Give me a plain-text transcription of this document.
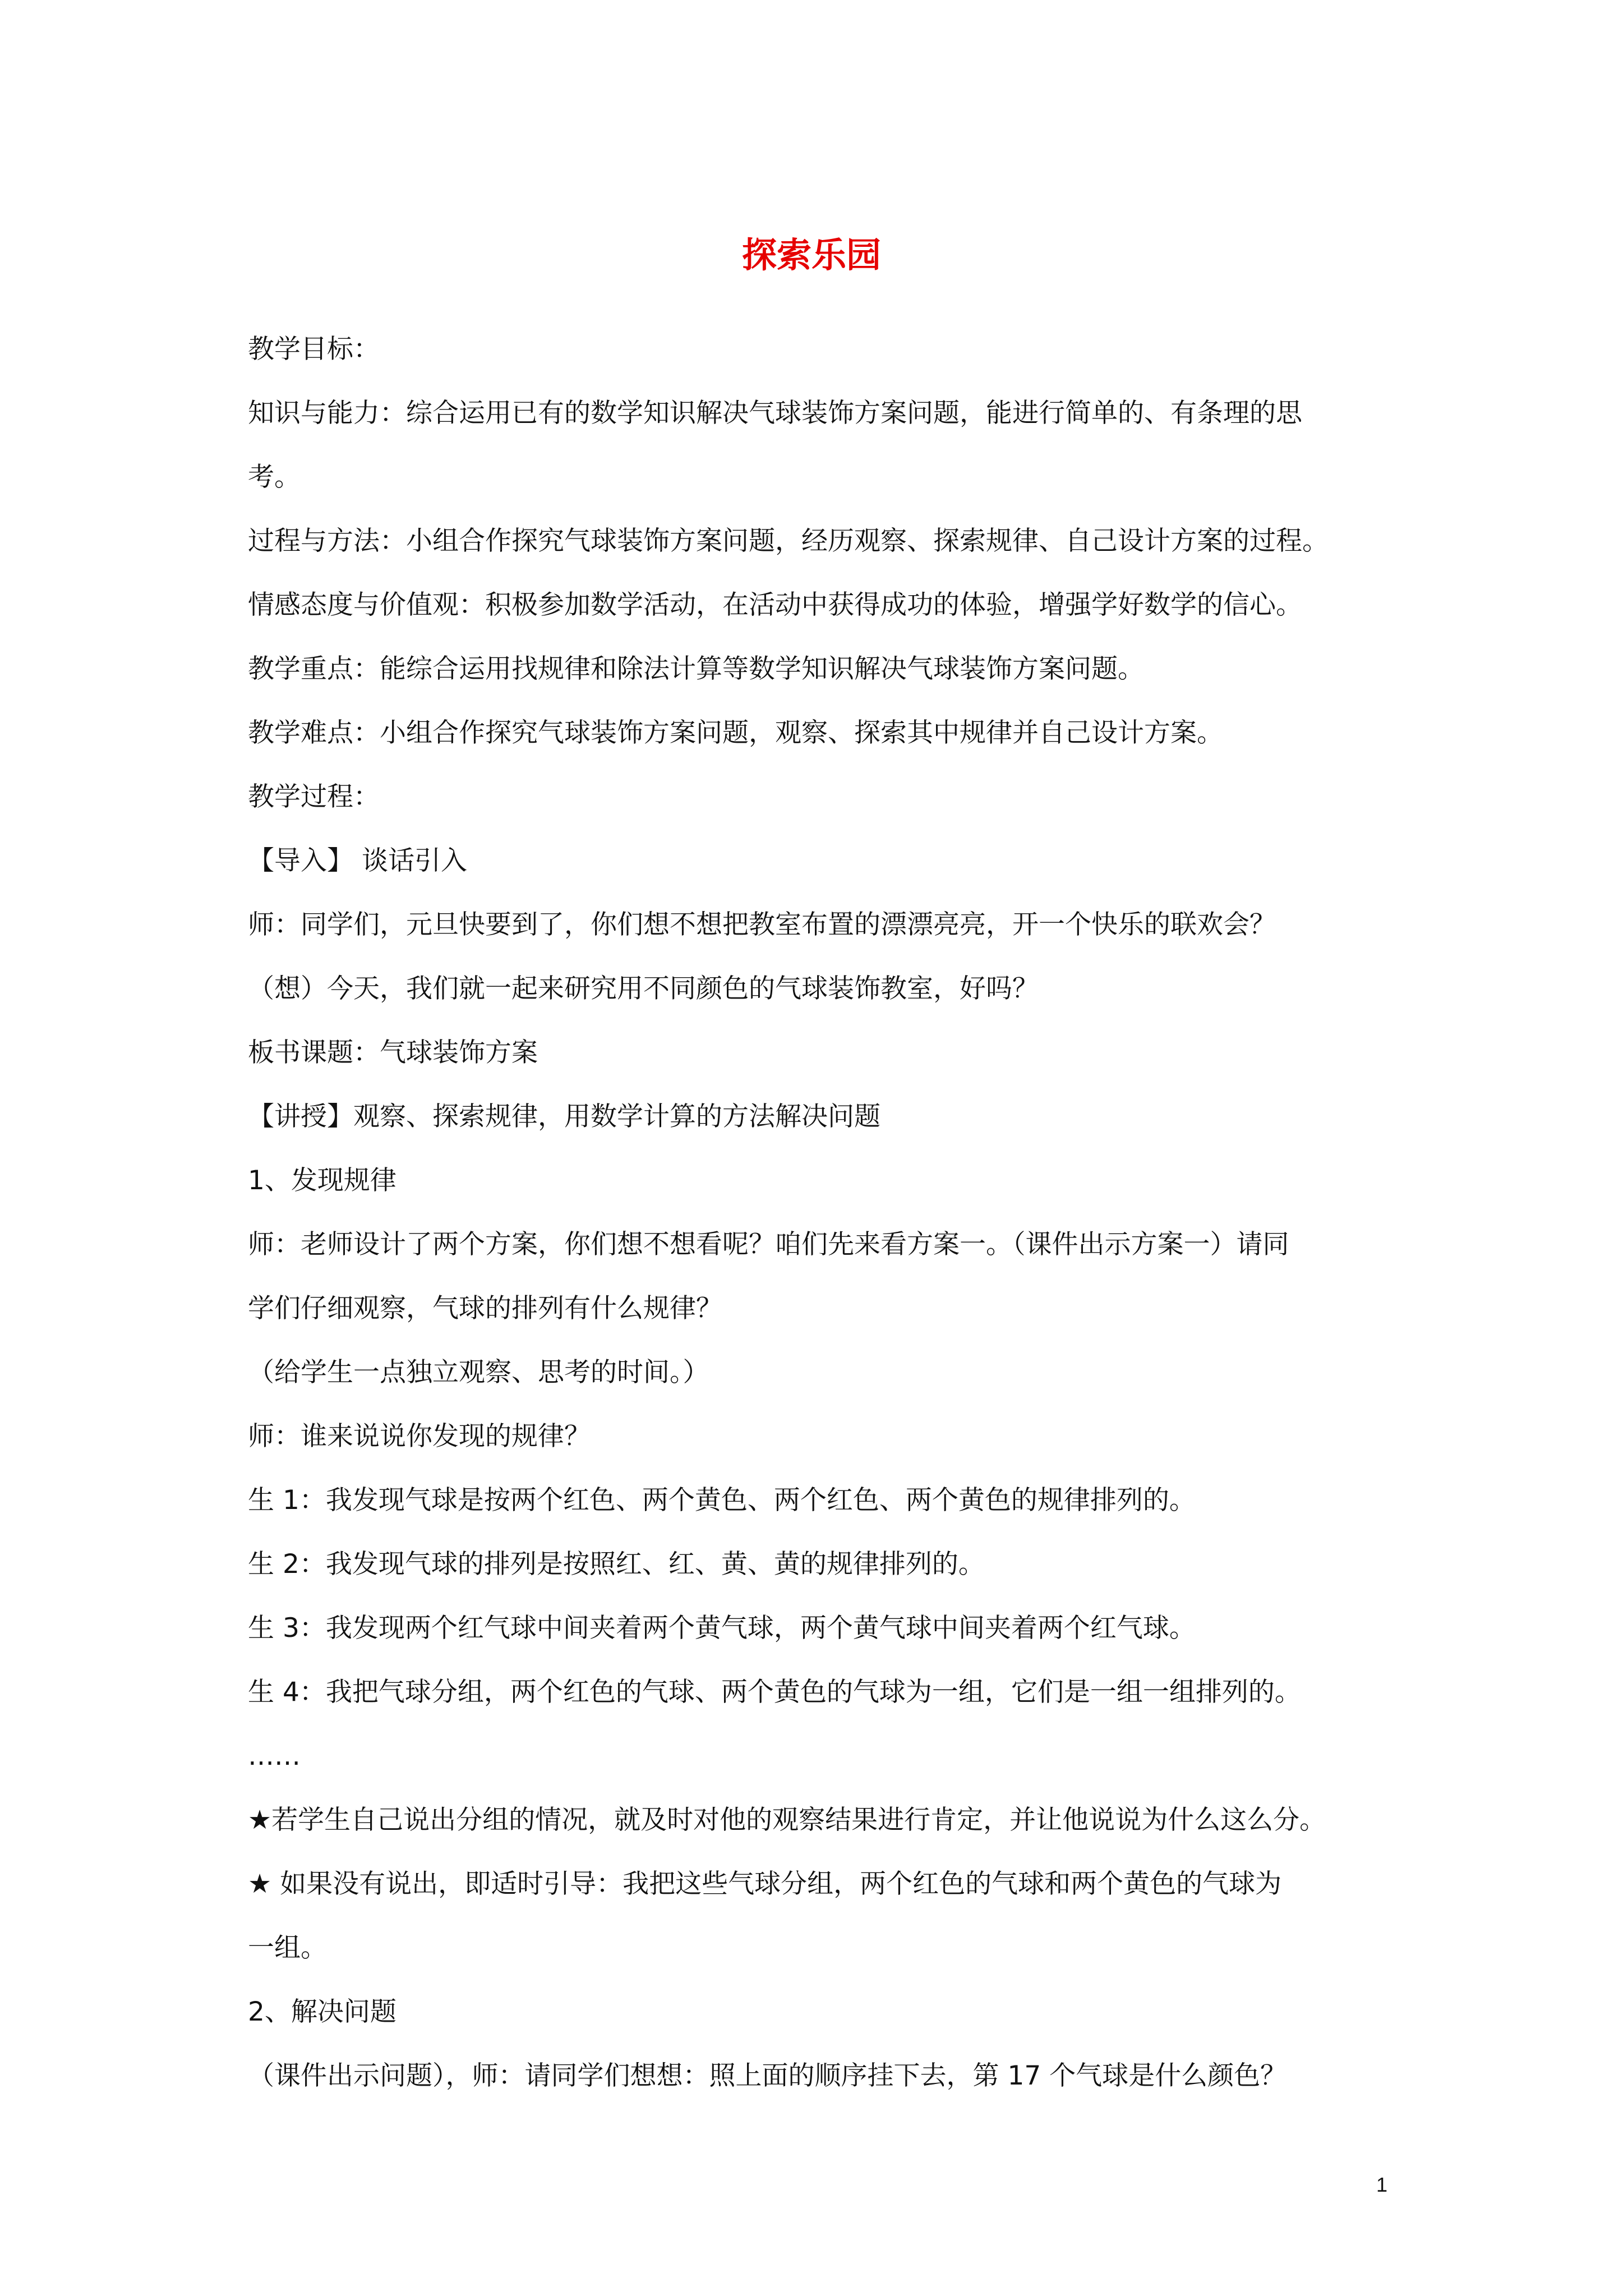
探索乐园
教学目标：
知识与能力：综合运用已有的数学知识解决气球装饰方案问题，能进行简单的、有条理的思
考。
过程与方法：小组合作探究气球装饰方案问题，经历观察、探索规律、自己设计方案的过程。
情感态度与价值观：积极参加数学活动，在活动中获得成功的体验，增强学好数学的信心。
教学重点：能综合运用找规律和除法计算等数学知识解决气球装饰方案问题。
教学难点：小组合作探究气球装饰方案问题，观察、探索其中规律并自己设计方案。
教学过程：
【导入】 谈话引入
师：同学们，元旦快要到了，你们想不想把教室布置的漂漂亮亮，开一个快乐的联欢会？
（想）今天，我们就一起来研究用不同颜色的气球装饰教室，好吗？
板书课题：气球装饰方案
【讲授】观察、探索规律，用数学计算的方法解决问题
1、发现规律
师：老师设计了两个方案，你们想不想看呢？咱们先来看方案一。（课件出示方案一）请同
学们仔细观察，气球的排列有什么规律？
（给学生一点独立观察、思考的时间。）
师：谁来说说你发现的规律？
生 1：我发现气球是按两个红色、两个黄色、两个红色、两个黄色的规律排列的。
生 2：我发现气球的排列是按照红、红、黄、黄的规律排列的。
生 3：我发现两个红气球中间夹着两个黄气球，两个黄气球中间夹着两个红气球。
生 4：我把气球分组，两个红色的气球、两个黄色的气球为一组，它们是一组一组排列的。
……
★若学生自己说出分组的情况，就及时对他的观察结果进行肯定，并让他说说为什么这么分。
★ 如果没有说出，即适时引导：我把这些气球分组，两个红色的气球和两个黄色的气球为
一组。
2、解决问题
（课件出示问题），师：请同学们想想：照上面的顺序挂下去，第 17 个气球是什么颜色？
1
